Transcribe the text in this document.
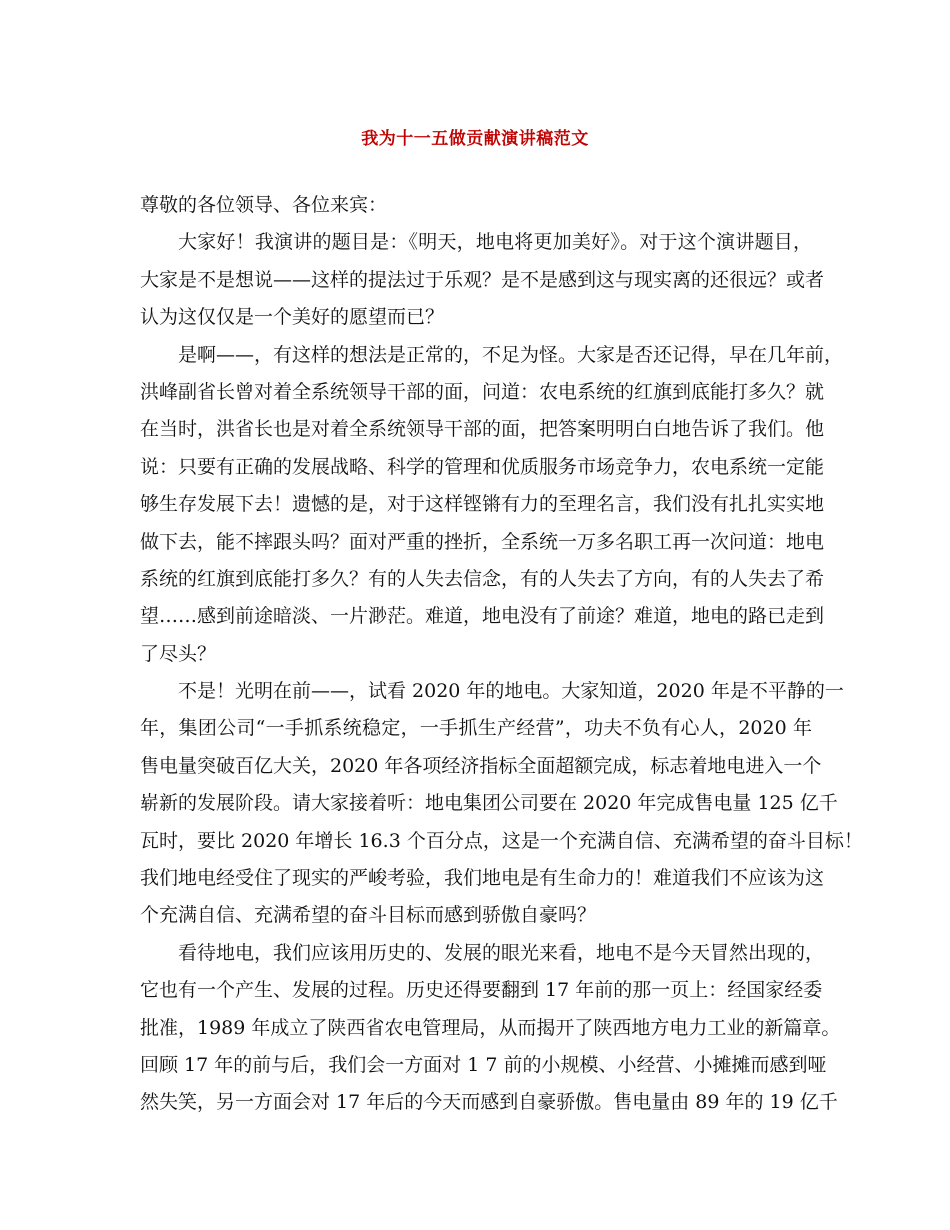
我为十一五做贡献演讲稿范文
尊敬的各位领导、各位来宾：
大家好！我演讲的题目是：《明天，地电将更加美好》。对于这个演讲题目，
大家是不是想说——这样的提法过于乐观？是不是感到这与现实离的还很远？或者
认为这仅仅是一个美好的愿望而已？
是啊——，有这样的想法是正常的，不足为怪。大家是否还记得，早在几年前，
洪峰副省长曾对着全系统领导干部的面，问道：农电系统的红旗到底能打多久？就
在当时，洪省长也是对着全系统领导干部的面，把答案明明白白地告诉了我们。他
说：只要有正确的发展战略、科学的管理和优质服务市场竞争力，农电系统一定能
够生存发展下去！遗憾的是，对于这样铿锵有力的至理名言，我们没有扎扎实实地
做下去，能不摔跟头吗？面对严重的挫折，全系统一万多名职工再一次问道：地电
系统的红旗到底能打多久？有的人失去信念，有的人失去了方向，有的人失去了希
望……感到前途暗淡、一片渺茫。难道，地电没有了前途？难道，地电的路已走到
了尽头？
不是！光明在前——，试看 2020 年的地电。大家知道，2020 年是不平静的一
年，集团公司“一手抓系统稳定，一手抓生产经营”，功夫不负有心人，2020 年
售电量突破百亿大关，2020 年各项经济指标全面超额完成，标志着地电进入一个
崭新的发展阶段。请大家接着听：地电集团公司要在 2020 年完成售电量 125 亿千
瓦时，要比 2020 年增长 16.3 个百分点，这是一个充满自信、充满希望的奋斗目标！
我们地电经受住了现实的严峻考验，我们地电是有生命力的！难道我们不应该为这
个充满自信、充满希望的奋斗目标而感到骄傲自豪吗？
看待地电，我们应该用历史的、发展的眼光来看，地电不是今天冒然出现的，
它也有一个产生、发展的过程。历史还得要翻到 17 年前的那一页上：经国家经委
批准，1989 年成立了陕西省农电管理局，从而揭开了陕西地方电力工业的新篇章。
回顾 17 年的前与后，我们会一方面对 1 7 前的小规模、小经营、小摊摊而感到哑
然失笑，另一方面会对 17 年后的今天而感到自豪骄傲。售电量由 89 年的 19 亿千
